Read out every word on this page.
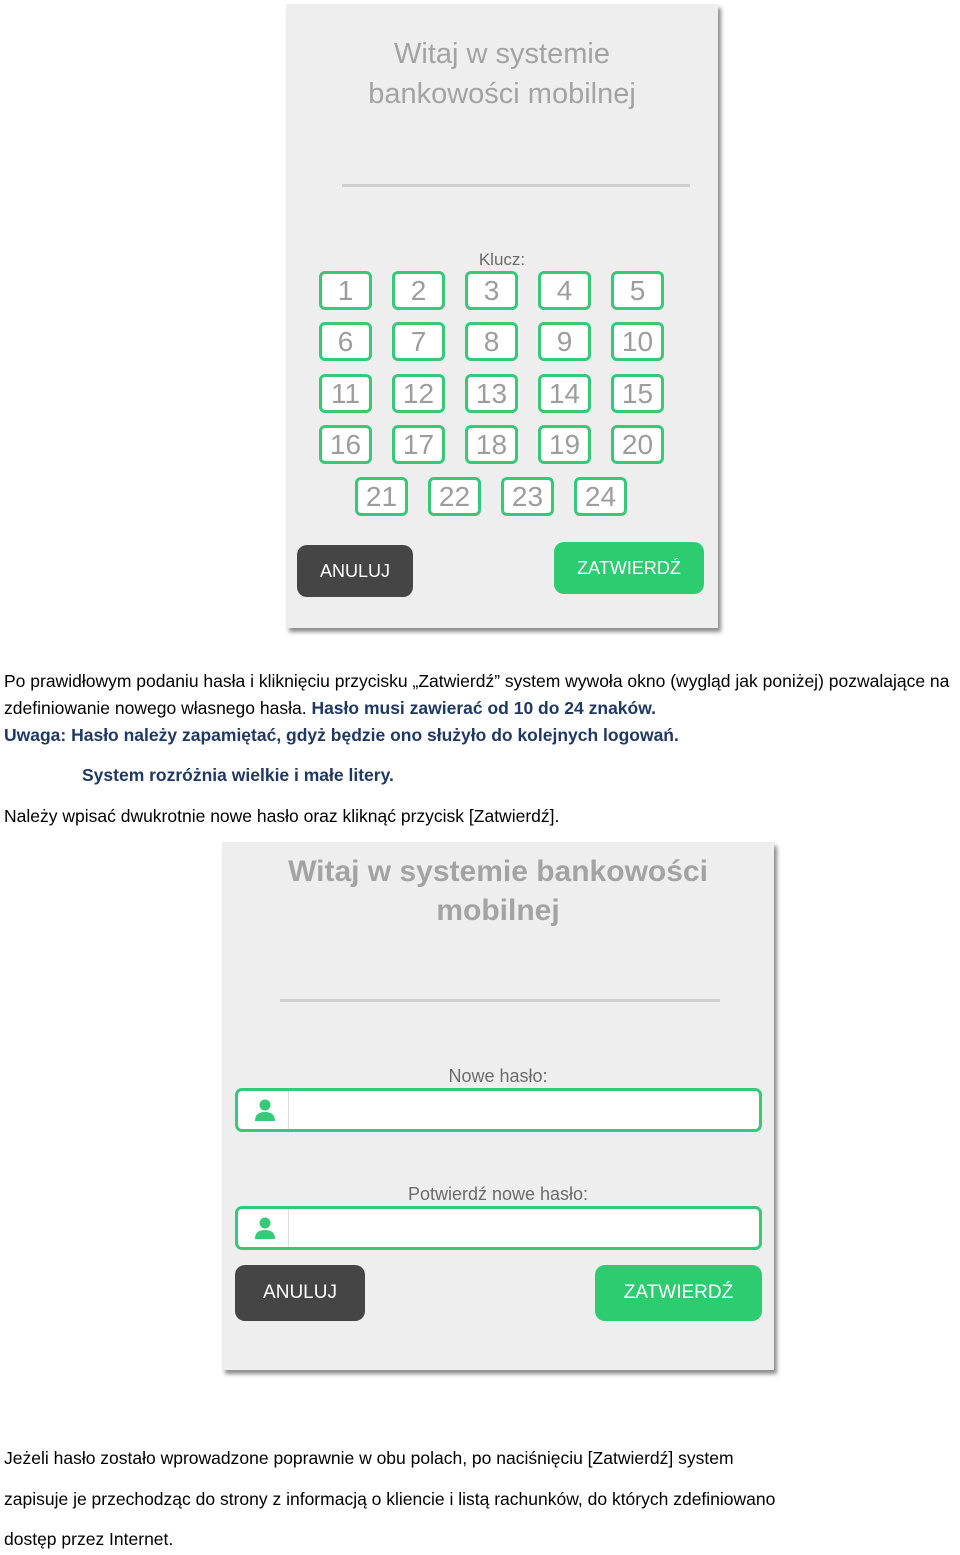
Witaj w systemie
bankowości mobilnej
Klucz:
1	2	3	4	5
6	7	8	9	10
11	12	13	14	15
16	17	18	19	20
21	22	23	24
ANULUJ	ZATWIERDŹ
Po prawidłowym podaniu hasła i kliknięciu przycisku „Zatwierdź” system wywoła okno (wygląd jak poniżej) pozwalające na zdefiniowanie nowego własnego hasła. Hasło musi zawierać od 10 do 24 znaków.
Uwaga: Hasło należy zapamiętać, gdyż będzie ono służyło do kolejnych logowań.
System rozróżnia wielkie i małe litery.
Należy wpisać dwukrotnie nowe hasło oraz kliknąć przycisk [Zatwierdź].
Witaj w systemie bankowości
mobilnej
Nowe hasło:
Potwierdź nowe hasło:
ANULUJ	ZATWIERDŹ
Jeżeli hasło zostało wprowadzone poprawnie w obu polach, po naciśnięciu [Zatwierdź] system
zapisuje je przechodząc do strony z informacją o kliencie i listą rachunków, do których zdefiniowano
dostęp przez Internet.
